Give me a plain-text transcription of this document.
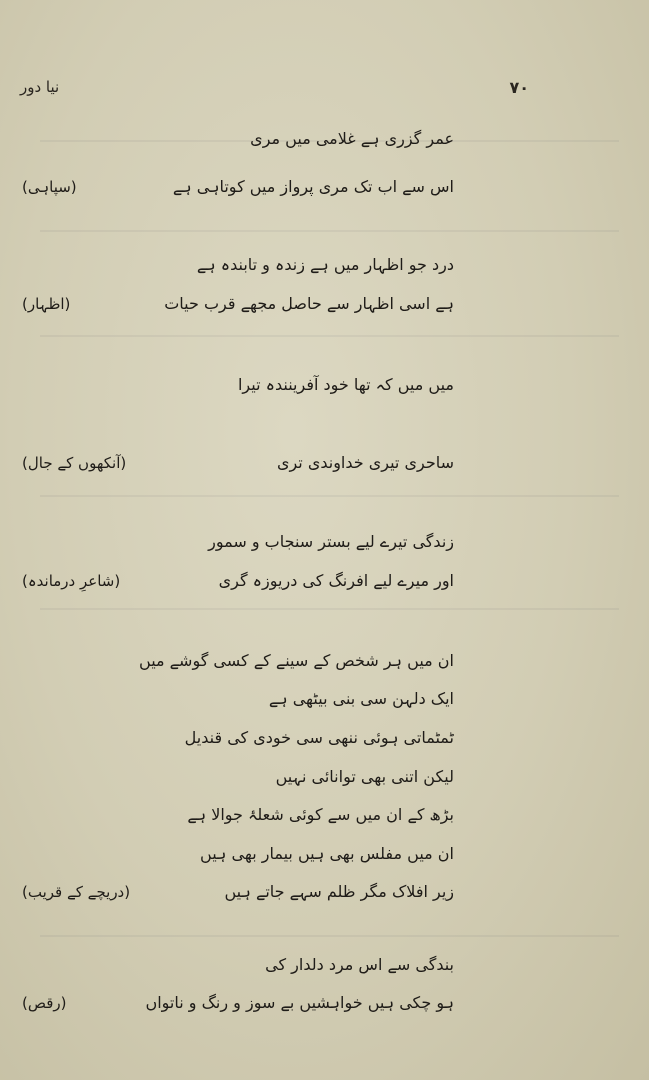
۷۰
نیا دور
عمر گزری ہے غلامی میں مری
اس سے اب تک مری پرواز میں کوتاہی ہے
(سپاہی)
درد جو اظہار میں ہے زندہ و تابندہ ہے
ہے اسی اظہار سے حاصل مجھے قرب حیات
(اظہار)
میں میں کہ تھا خود آفرینندہ تیرا
ساحری تیری خداوندی تری
(آنکھوں کے جال)
زندگی تیرے لیے بستر سنجاب و سمور
اور میرے لیے افرنگ کی دریوزہ گری
(شاعرِ درماندہ)
ان میں ہر شخص کے سینے کے کسی گوشے میں
ایک دلہن سی بنی بیٹھی ہے
ٹمٹماتی ہوئی ننھی سی خودی کی قندیل
لیکن اتنی بھی توانائی نہیں
بڑھ کے ان میں سے کوئی شعلۂ جوالا ہے
ان میں مفلس بھی ہیں بیمار بھی ہیں
زیر افلاک مگر ظلم سہے جاتے ہیں
(دریچے کے قریب)
بندگی سے اس مرد دلدار کی
ہو چکی ہیں خواہشیں بے سوز و رنگ و ناتواں
(رقص)
